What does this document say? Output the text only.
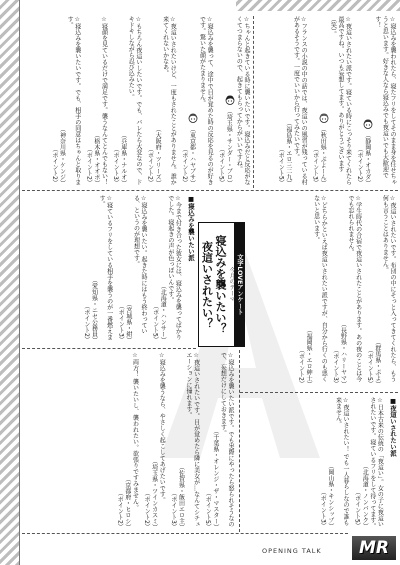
☆寝込みを襲われたら、寝たフリをしてそのまま身を任せちゃうと思います。好きな人なら寝込みでも夜這いでも大歓迎です！

（静岡県・オカダ）
（ポイント2）

☆夜這いされたい派です。寝ている時にこっそり来てくれたら最高ですね。いつも妄想してます。ありがとうございます（笑）。

（秋田県・ぷよーん）
（ポイント3）

☆フランスの小説の中の話では、夜這いの風習が残っている村があるそうです。一度でいいから行ってみたいです。

（福島県・エロ三二九）
（ポイント5）

☆ちゃんと起きている時に襲いたいです。寝込みだと反応がなくてつまらないので、起きてもらってからがいいですね。

（埼玉県・サンダー・ブロ）
（ポイント5）

☆寝込みを襲って、途中で目が覚めた時の反応を見るのが好きです。驚いた顔がたまりません。

（東京都・ハヤブサ）
（ポイント2）

☆夜這いされたいけど、一度もされたことがありません。誰か来てくれないかなあ。

（大阪府・ツリーズ）
（ポイント2）

☆もちろん夜這いしたいです。でも、バレたら大変なので、ドキドキしながら忍び込みたい。

（兵庫県・ナルオ）
（ポイント3）

☆寝顔を見ているだけで満足です。襲うなんてとんでもない！

（栃木県・オオポ）
（ポイント2）

☆寝込みを襲いたいです。でも、相手の同意はちゃんと取ります。

（神奈川県・ケンジ）
（ポイント2）
■寝込みを襲いたい派

☆今まで付き合った彼女には、寝込みを襲ってばかりでした。寝起きの声が色っぽいんです。

（北海道・ハンサー）
（ポイント5）

☆寝込みを襲いたい。起きた時にはもう終わっている、というのが理想です。

（宮城県・紺）
（ポイント3）

☆寝ているフリをしている相手を襲うのが一番燃えます。

（愛知県・ニセ公務員）
（ポイント2）
文字LOVEアンケート
今月のテーマ
寝込みを襲いたい？
夜這いされたい？	☆夜這いされたいです。布団の中にそっと入ってきてくれたら、もう何も言うことはありません。

（群馬県・ぷよ）
（ポイント5）

☆学生時代の合宿で夜這いされたことがあります。あの夜のことは今でも忘れられません。

（長野県・ハリーヤマ）
（ポイント3）

☆どちらかといえば夜這いされたい派ですが、自分から行くのも悪くないと思います。

（福岡県・エロ紳士）
（ポイント2）

☆寝込みを襲いたい派です。でも実際にやったら怒られそうなので、妄想だけにしておきます。

（千葉県・オレンジ・ザ・マスター）
（ポイント5）

☆夜這いされたいです。目が覚めたら隣に美女が…なんてシチュエーションに憧れます。

（佐賀県・飯田エロ主）
（ポイント3）

☆寝込みを襲うなら、やさしく起こしてあげたいです。

（埼玉県・ツインカスミ）
（ポイント2）

☆両方！ 襲いたいし、襲われたい。欲張りですみません。

（京都府・ヒロシ）
（ポイント2）
■夜這いされたい派

☆日本古来の伝統の「夜這い」。女の子に夜這いされたいです。寝ているフリをして待ってます。

（北海道・ノンバンク）
（ポイント5）

☆夜這いされたい！ でも一人暮らしなので誰も来ません。

（岡山県・キンシップ）
（ポイント3）
OPENING TALK	MR
